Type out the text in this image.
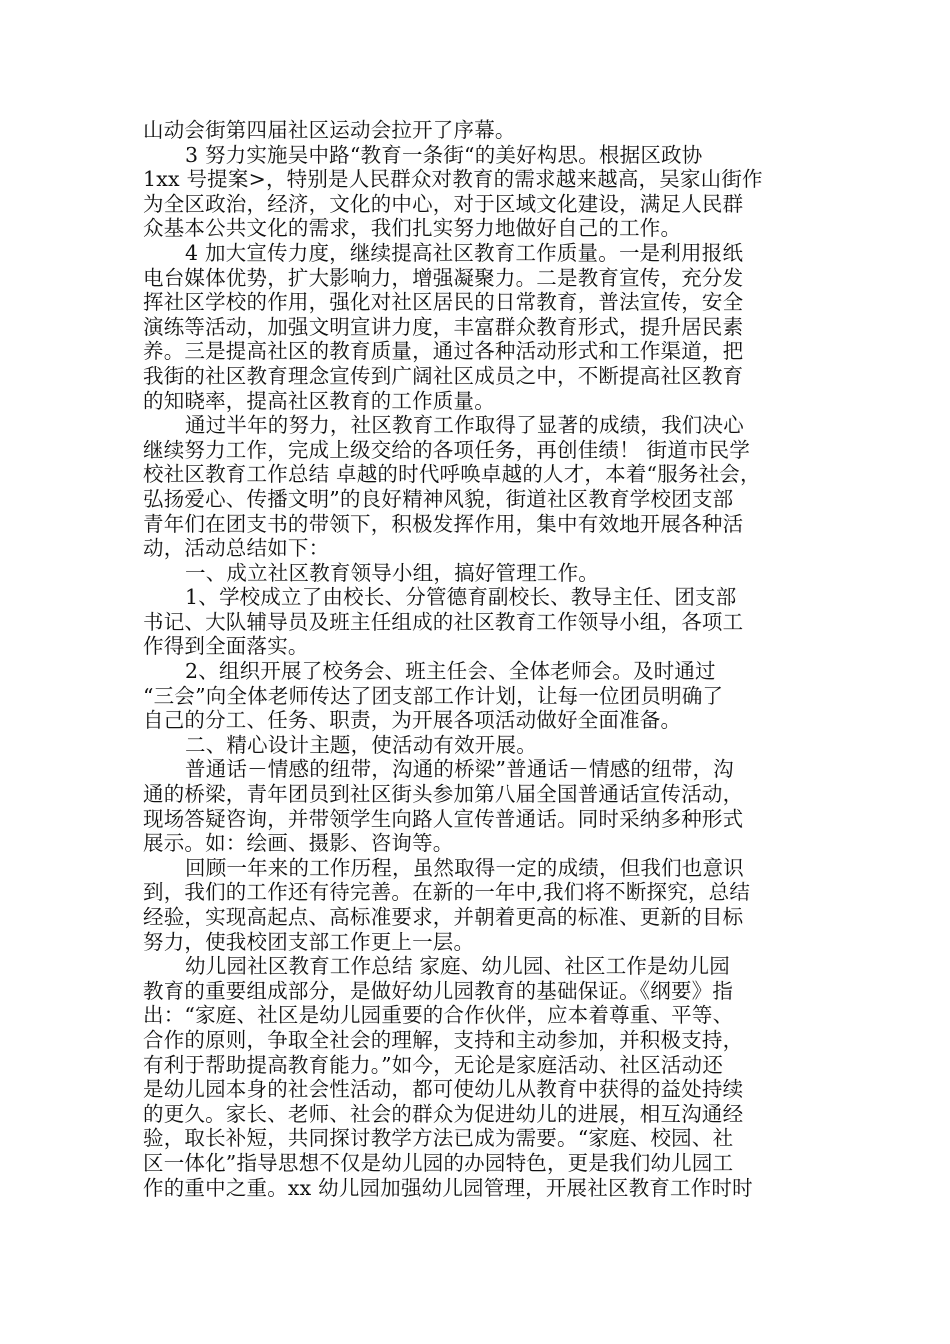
山动会街第四届社区运动会拉开了序幕。
3 努力实施吴中路“教育一条街“的美好构思。根据区政协
1xx 号提案>，特别是人民群众对教育的需求越来越高，吴家山街作
为全区政治，经济，文化的中心，对于区域文化建设，满足人民群
众基本公共文化的需求，我们扎实努力地做好自己的工作。
4 加大宣传力度，继续提高社区教育工作质量。一是利用报纸
电台媒体优势，扩大影响力，增强凝聚力。二是教育宣传，充分发
挥社区学校的作用，强化对社区居民的日常教育，普法宣传，安全
演练等活动，加强文明宣讲力度，丰富群众教育形式，提升居民素
养。三是提高社区的教育质量，通过各种活动形式和工作渠道，把
我街的社区教育理念宣传到广阔社区成员之中，不断提高社区教育
的知晓率，提高社区教育的工作质量。
通过半年的努力，社区教育工作取得了显著的成绩，我们决心
继续努力工作，完成上级交给的各项任务，再创佳绩！ 街道市民学
校社区教育工作总结 卓越的时代呼唤卓越的人才，本着“服务社会，
弘扬爱心、传播文明”的良好精神风貌，街道社区教育学校团支部
青年们在团支书的带领下，积极发挥作用，集中有效地开展各种活
动，活动总结如下：
一、成立社区教育领导小组，搞好管理工作。
1、学校成立了由校长、分管德育副校长、教导主任、团支部
书记、大队辅导员及班主任组成的社区教育工作领导小组，各项工
作得到全面落实。
2、组织开展了校务会、班主任会、全体老师会。及时通过
“三会”向全体老师传达了团支部工作计划，让每一位团员明确了
自己的分工、任务、职责，为开展各项活动做好全面准备。
二、精心设计主题，使活动有效开展。
普通话－情感的纽带，沟通的桥梁”普通话－情感的纽带，沟
通的桥梁，青年团员到社区街头参加第八届全国普通话宣传活动，
现场答疑咨询，并带领学生向路人宣传普通话。同时采纳多种形式
展示。如：绘画、摄影、咨询等。
回顾一年来的工作历程，虽然取得一定的成绩，但我们也意识
到，我们的工作还有待完善。在新的一年中,我们将不断探究，总结
经验，实现高起点、高标准要求，并朝着更高的标准、更新的目标
努力，使我校团支部工作更上一层。
幼儿园社区教育工作总结 家庭、幼儿园、社区工作是幼儿园
教育的重要组成部分，是做好幼儿园教育的基础保证。《纲要》指
出：“家庭、社区是幼儿园重要的合作伙伴，应本着尊重、平等、
合作的原则，争取全社会的理解，支持和主动参加，并积极支持，
有利于帮助提高教育能力。”如今，无论是家庭活动、社区活动还
是幼儿园本身的社会性活动，都可使幼儿从教育中获得的益处持续
的更久。家长、老师、社会的群众为促进幼儿的进展，相互沟通经
验，取长补短，共同探讨教学方法已成为需要。“家庭、校园、社
区一体化”指导思想不仅是幼儿园的办园特色，更是我们幼儿园工
作的重中之重。xx 幼儿园加强幼儿园管理，开展社区教育工作时时
